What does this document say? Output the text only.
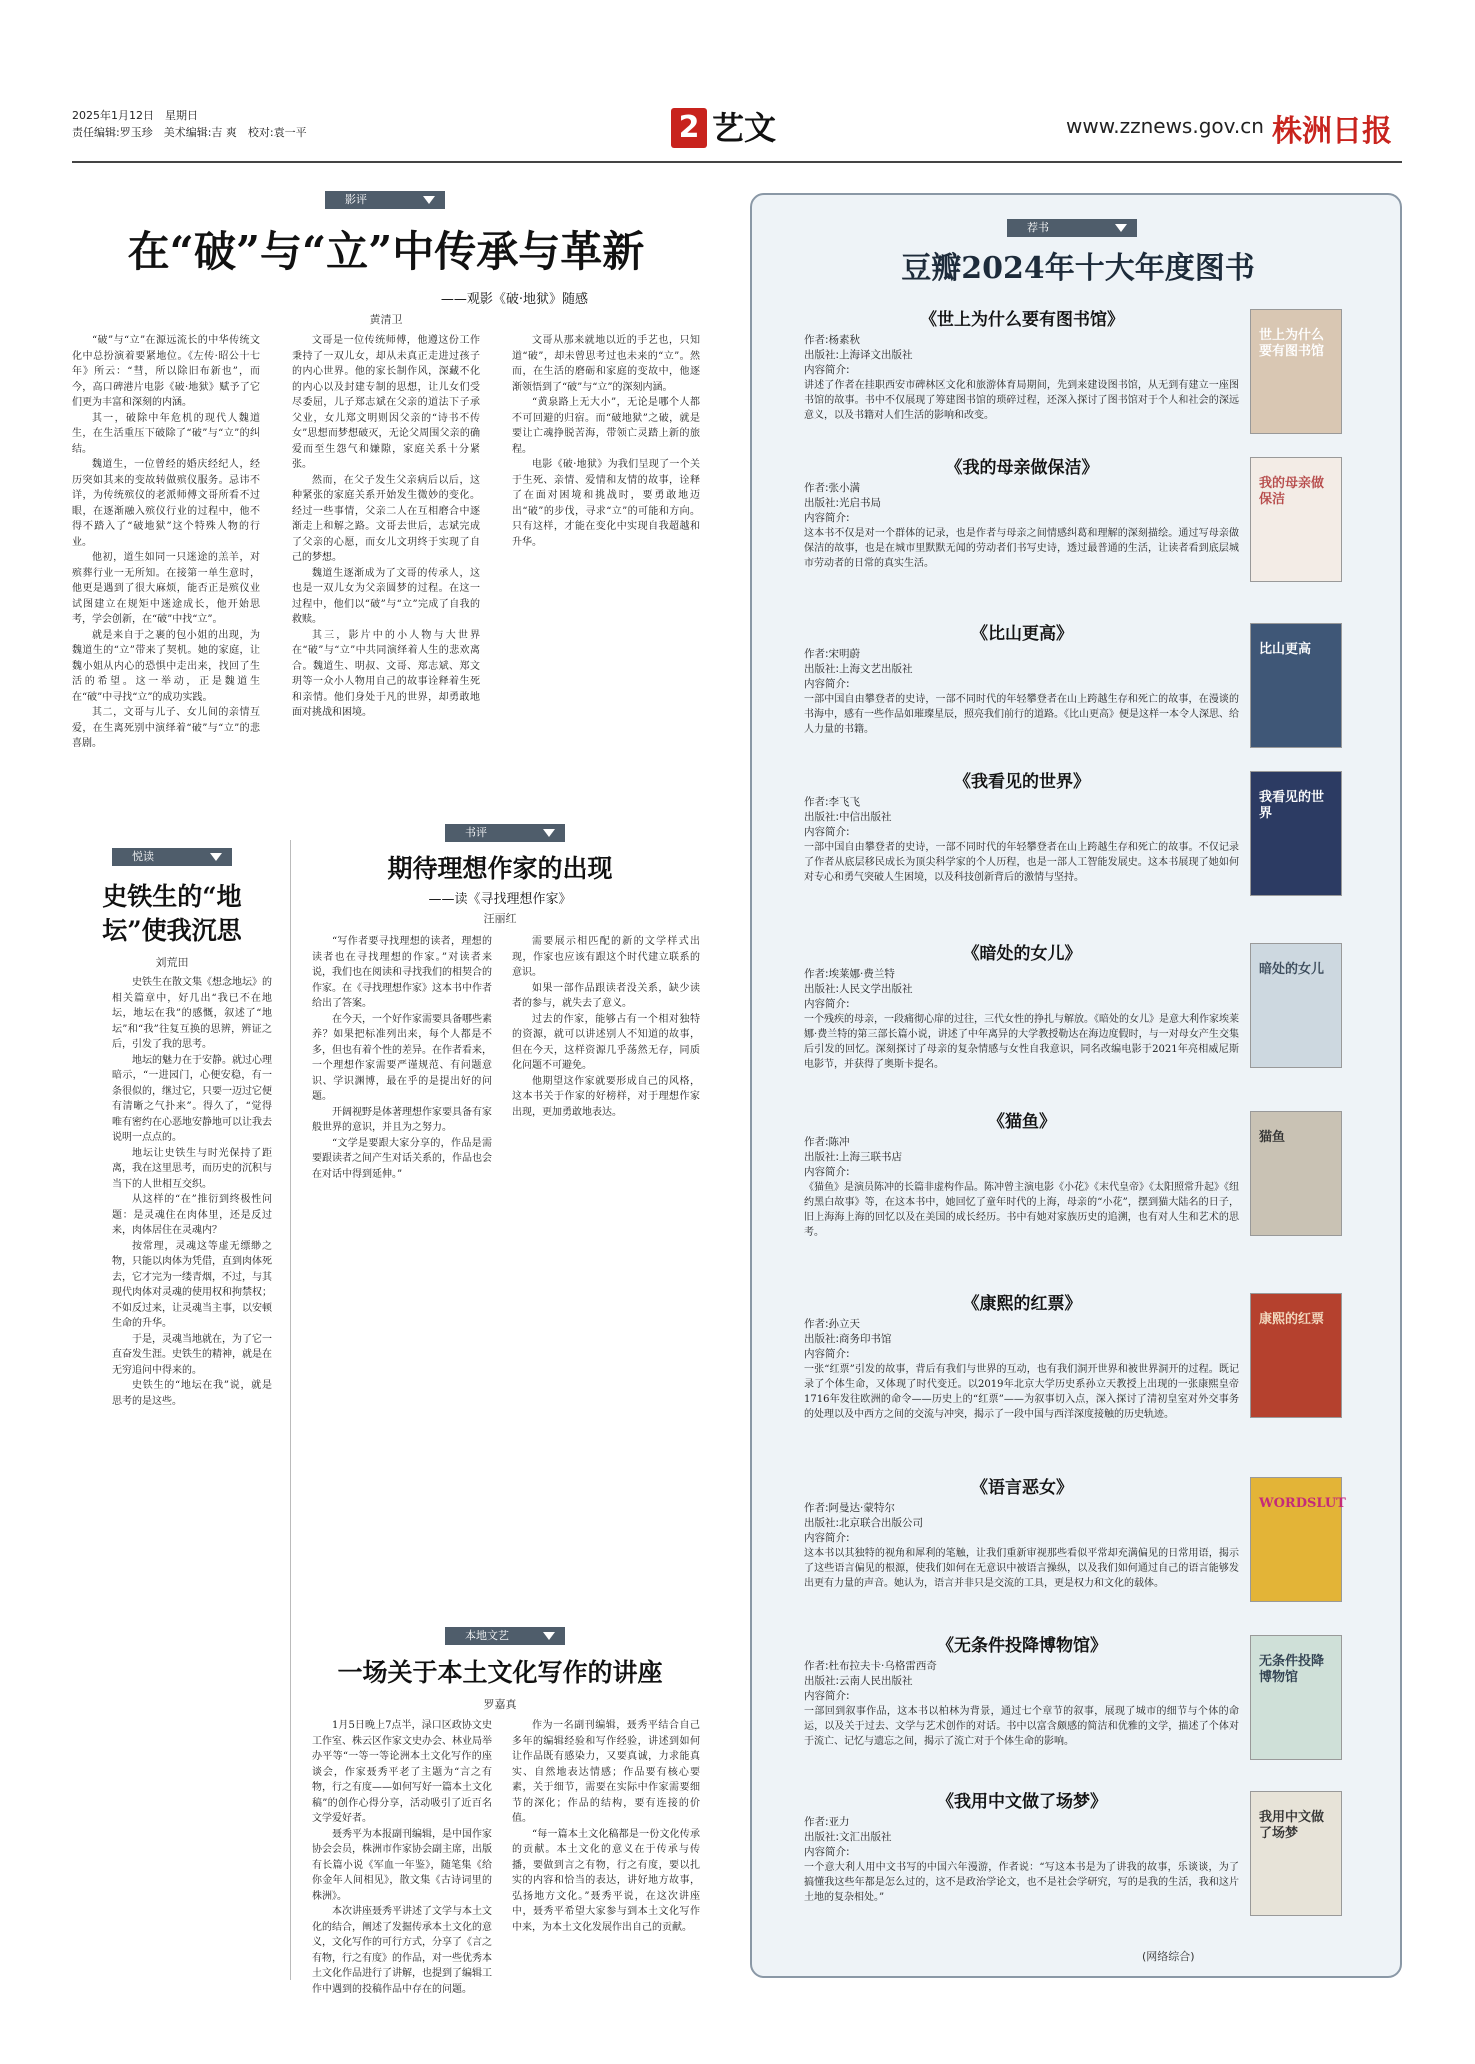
2025年1月12日　星期日
责任编辑:罗玉珍　美术编辑:吉 爽　校对:袁一平	2 艺文	www.zznews.gov.cn 株洲日报
影评
在“破”与“立”中传承与革新
——观影《破·地狱》随感
黄清卫

“破”与“立”在源远流长的中华传统文化中总扮演着要紧地位。《左传·昭公十七年》所云：“彗，所以除旧布新也”，而今，高口碑港片电影《破·地狱》赋予了它们更为丰富和深刻的内涵。

其一，破除中年危机的现代人魏道生，在生活重压下破除了“破”与“立”的纠结。

魏道生，一位曾经的婚庆经纪人，经历突如其来的变故转做殡仪服务。忌讳不详，为传统殡仪的老派师傅文哥所看不过眼，在逐渐融入殡仪行业的过程中，他不得不踏入了“破地狱”这个特殊人物的行业。

他初，道生如同一只迷途的羔羊，对殡葬行业一无所知。在接第一单生意时，他更是遇到了很大麻烦，能否正是殡仪业试图建立在规矩中迷途成长，他开始思考，学会创新，在“破”中找“立”。

就是来自于之裹的包小姐的出现，为魏道生的“立”带来了契机。她的家庭，让魏小姐从内心的恐惧中走出来，找回了生活的希望。这一举动，正是魏道生在“破”中寻找“立”的成功实践。

其二，文哥与儿子、女儿间的亲情互爱，在生离死别中演绎着“破”与“立”的悲喜剧。

文哥是一位传统师傅，他遵这份工作秉持了一双儿女，却从未真正走进过孩子的内心世界。他的家长制作风，深藏不化的内心以及封建专制的思想，让儿女们受尽委屈，儿子郑志斌在父亲的道法下子承父业，女儿郑文明则因父亲的“诗书不传女”思想而梦想破灭，无论父周围父亲的确爱而至生怨气和嫌隙，家庭关系十分紧张。

然而，在父子发生父亲病后以后，这种紧张的家庭关系开始发生微妙的变化。经过一些事情，父亲二人在互相磨合中逐渐走上和解之路。文哥去世后，志斌完成了父亲的心愿，而女儿文玥终于实现了自己的梦想。

魏道生逐渐成为了文哥的传承人，这也是一双儿女为父亲圆梦的过程。在这一过程中，他们以“破”与“立”完成了自我的救赎。

其三，影片中的小人物与大世界在“破”与“立”中共同演绎着人生的悲欢离合。魏道生、明叔、文哥、郑志斌、郑文玥等一众小人物用自己的故事诠释着生死和亲情。他们身处于凡的世界，却勇敢地面对挑战和困境。

文哥从那来就地以近的手艺也，只知道“破”，却未曾思考过也未来的“立”。然而，在生活的磨砺和家庭的变故中，他逐渐领悟到了“破”与“立”的深刻内涵。

“黄泉路上无大小”，无论是哪个人都不可回避的归宿。而“破地狱”之破，就是要让亡魂挣脱苦海，带领亡灵踏上新的旅程。

电影《破·地狱》为我们呈现了一个关于生死、亲情、爱情和友情的故事，诠释了在面对困境和挑战时，要勇敢地迈出“破”的步伐，寻求“立”的可能和方向。只有这样，才能在变化中实现自我超越和升华。

悦读
史铁生的“地坛”使我沉思
刘荒田

史铁生在散文集《想念地坛》的相关篇章中，好几出“我已不在地坛，地坛在我”的感慨，叙述了“地坛”和“我”往复互换的思辨，辨证之后，引发了我的思考。

地坛的魅力在于安静。就过心理暗示，“一进园门，心便安稳，有一条很似的，继过它，只要一迈过它便有清晰之气扑来”。得久了，“觉得唯有密约在心恶地安静地可以让我去说明一点点的。

地坛让史铁生与时光保持了距离，我在这里思考，而历史的沉积与当下的人世相互交织。

从这样的“在”推衍到终极性问题：是灵魂住在肉体里，还是反过来，肉体居住在灵魂内？

按常理，灵魂这等虚无缥缈之物，只能以肉体为凭借，直到肉体死去，它才完为一缕青烟，不过，与其现代肉体对灵魂的使用权和拘禁权；不如反过来，让灵魂当主事，以安顿生命的升华。

于是，灵魂当地就在，为了它一直奋发生涯。史铁生的精神，就是在无穷追问中得来的。

史铁生的“地坛在我”说，就是思考的是这些。

书评
期待理想作家的出现
——读《寻找理想作家》
汪丽红

“写作者要寻找理想的读者，理想的读者也在寻找理想的作家。”对读者来说，我们也在阅读和寻找我们的相契合的作家。在《寻找理想作家》这本书中作者给出了答案。

在今天，一个好作家需要具备哪些素养？如果把标准列出来，每个人都是不多，但也有着个性的差异。在作者看来，一个理想作家需要严谨规范、有问题意识、学识渊博，最在乎的是提出好的问题。

开阔视野是体著理想作家要具备有家般世界的意识，并且为之努力。

“文学是要跟大家分享的，作品是需要跟读者之间产生对话关系的，作品也会在对话中得到延伸。”

需要展示相匹配的新的文学样式出现，作家也应该有跟这个时代建立联系的意识。

如果一部作品跟读者没关系，缺少读者的参与，就失去了意义。

过去的作家，能够占有一个相对独特的资源，就可以讲述别人不知道的故事，但在今天，这样资源几乎荡然无存，同质化问题不可避免。

他期望这作家就要形成自己的风格，这本书关于作家的好榜样，对于理想作家出现，更加勇敢地表达。

本地文艺
一场关于本土文化写作的讲座
罗嘉真

1月5日晚上7点半，渌口区政协文史工作室、株云区作家文史办会、林业局举办平等“一等一等论洲本土文化写作的座谈会，作家聂秀平老了主题为“言之有物，行之有度——如何写好一篇本土文化稿”的创作心得分享，活动吸引了近百名文学爱好者。

聂秀平为本报副刊编辑，是中国作家协会会员，株洲市作家协会副主席，出版有长篇小说《军血一年鉴》，随笔集《给你金年人间相见》，散文集《古诗词里的株洲》。

本次讲座聂秀平讲述了文学与本土文化的结合，阐述了发掘传承本土文化的意义，文化写作的可行方式，分享了《言之有物，行之有度》的作品，对一些优秀本土文化作品进行了讲解，也提到了编辑工作中遇到的投稿作品中存在的问题。

作为一名副刊编辑，聂秀平结合自己多年的编辑经验和写作经验，讲述到如何让作品既有感染力，又要真诚，力求能真实、自然地表达情感；作品要有核心要素，关于细节，需要在实际中作家需要细节的深化；作品的结构，要有连接的价值。

“每一篇本土文化稿都是一份文化传承的贡献。本土文化的意义在于传承与传播，要做到言之有物，行之有度，要以扎实的内容和恰当的表达，讲好地方故事，弘扬地方文化。”聂秀平说，在这次讲座中，聂秀平希望大家参与到本土文化写作中来，为本土文化发展作出自己的贡献。

荐书
豆瓣2024年十大年度图书
《世上为什么要有图书馆》
作者:杨素秋
出版社:上海译文出版社
内容简介:
讲述了作者在挂职西安市碑林区文化和旅游体育局期间，先到来建设图书馆，从无到有建立一座图书馆的故事。书中不仅展现了筹建图书馆的琐碎过程，还深入探讨了图书馆对于个人和社会的深远意义，以及书籍对人们生活的影响和改变。
世上为什么要有图书馆
《我的母亲做保洁》
作者:张小满
出版社:光启书局
内容简介:
这本书不仅是对一个群体的记录，也是作者与母亲之间情感纠葛和理解的深刻描绘。通过写母亲做保洁的故事，也是在城市里默默无闻的劳动者们书写史诗，透过最普通的生活，让读者看到底层城市劳动者的日常的真实生活。
我的母亲做保洁
《比山更高》
作者:宋明蔚
出版社:上海文艺出版社
内容简介:
一部中国自由攀登者的史诗，一部不同时代的年轻攀登者在山上跨越生存和死亡的故事，在漫谈的书海中，感有一些作品如璀璨星辰，照亮我们前行的道路。《比山更高》便是这样一本令人深思、给人力量的书籍。
比山更高
《我看见的世界》
作者:李飞飞
出版社:中信出版社
内容简介:
一部中国自由攀登者的史诗，一部不同时代的年轻攀登者在山上跨越生存和死亡的故事。不仅记录了作者从底层移民成长为顶尖科学家的个人历程，也是一部人工智能发展史。这本书展现了她如何对专心和勇气突破人生困境，以及科技创新背后的激情与坚持。
我看见的世界
《暗处的女儿》
作者:埃莱娜·费兰特
出版社:人民文学出版社
内容简介:
一个残疾的母亲，一段痛彻心扉的过往，三代女性的挣扎与解放。《暗处的女儿》是意大利作家埃莱娜·费兰特的第三部长篇小说，讲述了中年离异的大学教授勒达在海边度假时，与一对母女产生交集后引发的回忆。深刻探讨了母亲的复杂情感与女性自我意识，同名改编电影于2021年亮相威尼斯电影节，并获得了奥斯卡提名。
暗处的女儿
《猫鱼》
作者:陈冲
出版社:上海三联书店
内容简介:
《猫鱼》是演员陈冲的长篇非虚构作品。陈冲曾主演电影《小花》《末代皇帝》《太阳照常升起》《纽约黑白故事》等，在这本书中，她回忆了童年时代的上海，母亲的“小花”，摆到猫大陆名的日子，旧上海海上海的回忆以及在美国的成长经历。书中有她对家族历史的追溯，也有对人生和艺术的思考。
猫鱼
《康熙的红票》
作者:孙立天
出版社:商务印书馆
内容简介:
一张“红票”引发的故事，背后有我们与世界的互动，也有我们洞开世界和被世界洞开的过程。既记录了个体生命，又体现了时代变迁。以2019年北京大学历史系孙立天教授上出现的一张康熙皇帝1716年发往欧洲的命令——历史上的“红票”——为叙事切入点，深入探讨了清初皇室对外交事务的处理以及中西方之间的交流与冲突，揭示了一段中国与西洋深度接触的历史轨迹。
康熙的红票
《语言恶女》
作者:阿曼达·蒙特尔
出版社:北京联合出版公司
内容简介:
这本书以其独特的视角和犀利的笔触，让我们重新审视那些看似平常却充满偏见的日常用语，揭示了这些语言偏见的根源，使我们如何在无意识中被语言操纵，以及我们如何通过自己的语言能够发出更有力量的声音。她认为，语言并非只是交流的工具，更是权力和文化的载体。
WORDSLUT
《无条件投降博物馆》
作者:杜布拉夫卡·乌格雷西奇
出版社:云南人民出版社
内容简介:
一部回到叙事作品，这本书以柏林为背景，通过七个章节的叙事，展现了城市的细节与个体的命运，以及关于过去、文学与艺术创作的对话。书中以富含颇感的简洁和优雅的文学，描述了个体对于流亡、记忆与遗忘之间，揭示了流亡对于个体生命的影响。
无条件投降博物馆
《我用中文做了场梦》
作者:亚力
出版社:文汇出版社
内容简介:
一个意大利人用中文书写的中国六年漫游，作者说：“写这本书是为了讲我的故事，乐谈谈，为了搞懂我这些年都是怎么过的，这不是政治学论文，也不是社会学研究，写的是我的生活，我和这片土地的复杂相处。”
我用中文做了场梦
(网络综合)
